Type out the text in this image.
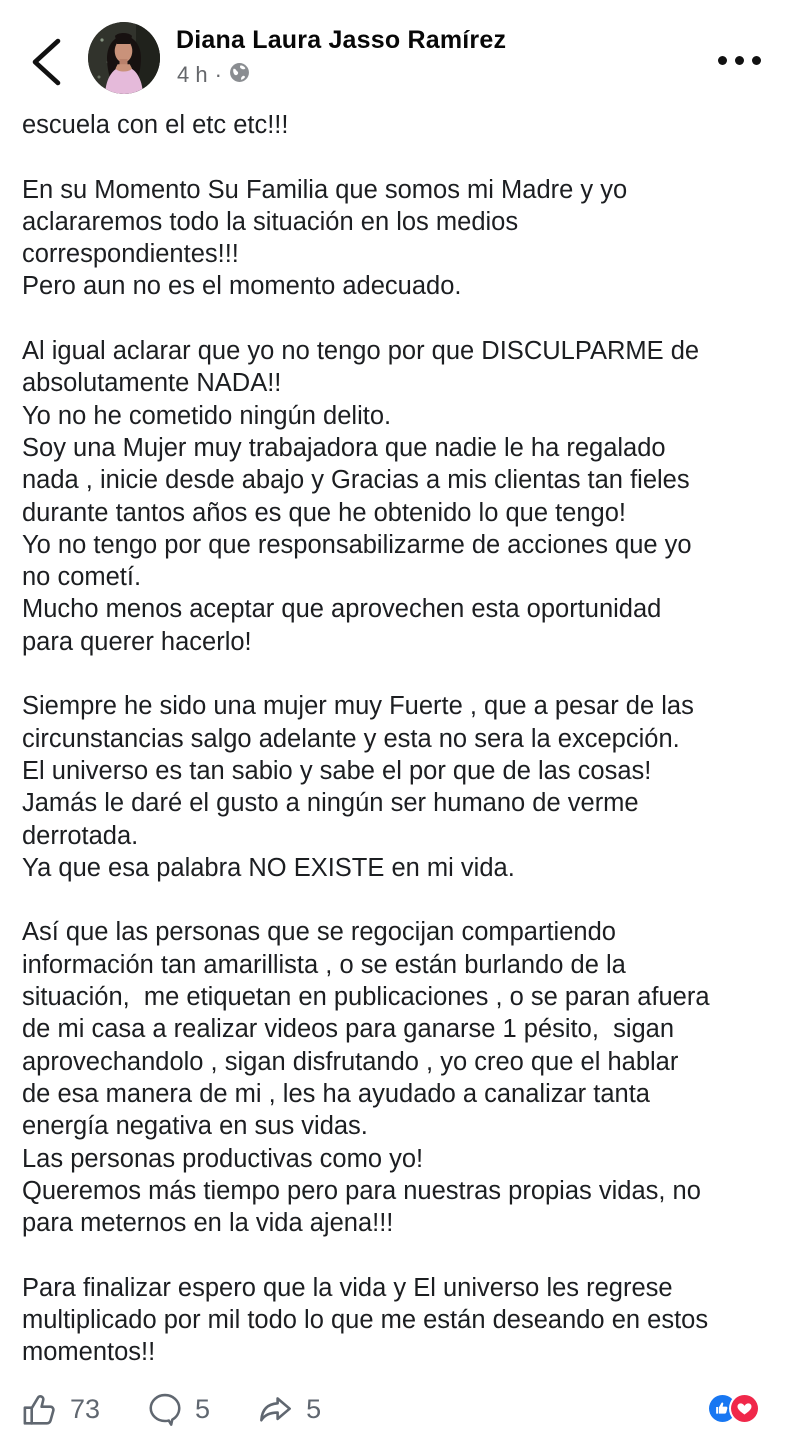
Diana Laura Jasso Ramírez
4 h ·
escuela con el etc etc!!!

En su Momento Su Familia que somos mi Madre y yo
aclararemos todo la situación en los medios
correspondientes!!!
Pero aun no es el momento adecuado.

Al igual aclarar que yo no tengo por que DISCULPARME de
absolutamente NADA!!
Yo no he cometido ningún delito.
Soy una Mujer muy trabajadora que nadie le ha regalado
nada , inicie desde abajo y Gracias a mis clientas tan fieles
durante tantos años es que he obtenido lo que tengo!
Yo no tengo por que responsabilizarme de acciones que yo
no cometí.
Mucho menos aceptar que aprovechen esta oportunidad
para querer hacerlo!

Siempre he sido una mujer muy Fuerte , que a pesar de las
circunstancias salgo adelante y esta no sera la excepción.
El universo es tan sabio y sabe el por que de las cosas!
Jamás le daré el gusto a ningún ser humano de verme
derrotada.
Ya que esa palabra NO EXISTE en mi vida.

Así que las personas que se regocijan compartiendo
información tan amarillista , o se están burlando de la
situación,  me etiquetan en publicaciones , o se paran afuera
de mi casa a realizar videos para ganarse 1 pésito,  sigan
aprovechandolo , sigan disfrutando , yo creo que el hablar
de esa manera de mi , les ha ayudado a canalizar tanta
energía negativa en sus vidas.
Las personas productivas como yo!
Queremos más tiempo pero para nuestras propias vidas, no
para meternos en la vida ajena!!!

Para finalizar espero que la vida y El universo les regrese
multiplicado por mil todo lo que me están deseando en estos
momentos!!
73	5	5
